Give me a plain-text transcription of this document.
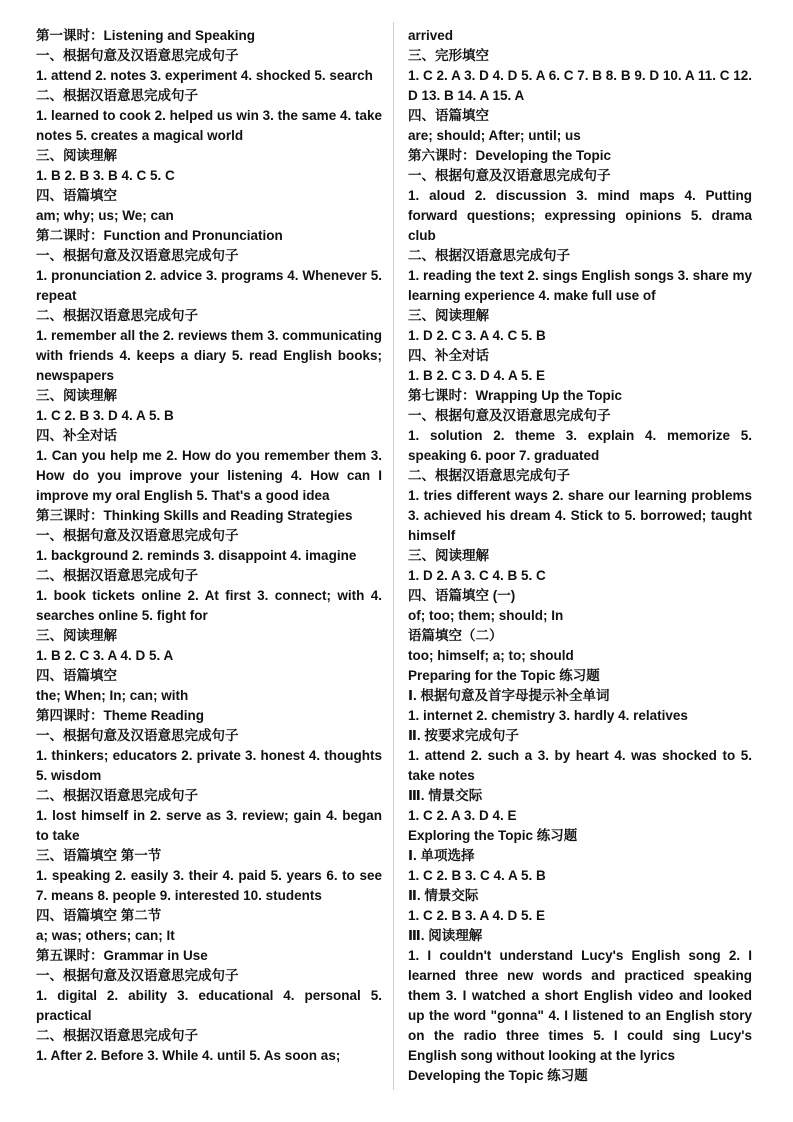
第一课时：Listening and Speaking

一、根据句意及汉语意思完成句子

1. attend 2. notes 3. experiment 4. shocked 5. search

二、根据汉语意思完成句子

1. learned to cook 2. helped us win 3. the same 4. take notes 5. creates a magical world

三、阅读理解

1. B 2. B 3. B 4. C 5. C

四、语篇填空

am; why; us; We; can

第二课时：Function and Pronunciation

一、根据句意及汉语意思完成句子

1. pronunciation 2. advice 3. programs 4. Whenever 5. repeat

二、根据汉语意思完成句子

1. remember all the 2. reviews them 3. communicating with friends 4. keeps a diary 5. read English books; newspapers

三、阅读理解

1. C 2. B 3. D 4. A 5. B

四、补全对话

1. Can you help me 2. How do you remember them 3. How do you improve your listening 4. How can I improve my oral English 5. That's a good idea

第三课时：Thinking Skills and Reading Strategies

一、根据句意及汉语意思完成句子

1. background 2. reminds 3. disappoint 4. imagine

二、根据汉语意思完成句子

1. book tickets online 2. At first 3. connect; with 4. searches online 5. fight for

三、阅读理解

1. B 2. C 3. A 4. D 5. A

四、语篇填空

the; When; In; can; with

第四课时：Theme Reading

一、根据句意及汉语意思完成句子

1. thinkers; educators 2. private 3. honest 4. thoughts 5. wisdom

二、根据汉语意思完成句子

1. lost himself in 2. serve as 3. review; gain 4. began to take

三、语篇填空 第一节

1. speaking 2. easily 3. their 4. paid 5. years 6. to see 7. means 8. people 9. interested 10. students

四、语篇填空 第二节

a; was; others; can; It

第五课时：Grammar in Use

一、根据句意及汉语意思完成句子

1. digital 2. ability 3. educational 4. personal 5. practical

二、根据汉语意思完成句子

1. After 2. Before 3. While 4. until 5. As soon as;

arrived

三、完形填空

1. C 2. A 3. D 4. D 5. A 6. C 7. B 8. B 9. D 10. A 11. C 12. D 13. B 14. A 15. A

四、语篇填空

are; should; After; until; us

第六课时：Developing the Topic

一、根据句意及汉语意思完成句子

1. aloud 2. discussion 3. mind maps 4. Putting forward questions; expressing opinions 5. drama club

二、根据汉语意思完成句子

1. reading the text 2. sings English songs 3. share my learning experience 4. make full use of

三、阅读理解

1. D 2. C 3. A 4. C 5. B

四、补全对话

1. B 2. C 3. D 4. A 5. E

第七课时：Wrapping Up the Topic

一、根据句意及汉语意思完成句子

1. solution 2. theme 3. explain 4. memorize 5. speaking 6. poor 7. graduated

二、根据汉语意思完成句子

1. tries different ways 2. share our learning problems 3. achieved his dream 4. Stick to 5. borrowed; taught himself

三、阅读理解

1. D 2. A 3. C 4. B 5. C

四、语篇填空 (一)

of; too; them; should; In

语篇填空（二）

too; himself; a; to; should

Preparing for the Topic 练习题

Ⅰ. 根据句意及首字母提示补全单词

1. internet 2. chemistry 3. hardly 4. relatives

Ⅱ. 按要求完成句子

1. attend 2. such a 3. by heart 4. was shocked to 5. take notes

Ⅲ. 情景交际

1. C 2. A 3. D 4. E

Exploring the Topic 练习题

Ⅰ. 单项选择

1. C 2. B 3. C 4. A 5. B

Ⅱ. 情景交际

1. C 2. B 3. A 4. D 5. E

Ⅲ. 阅读理解

1. I couldn't understand Lucy's English song 2. I learned three new words and practiced speaking them 3. I watched a short English video and looked up the word "gonna" 4. I listened to an English story on the radio three times 5. I could sing Lucy's English song without looking at the lyrics

Developing the Topic 练习题
